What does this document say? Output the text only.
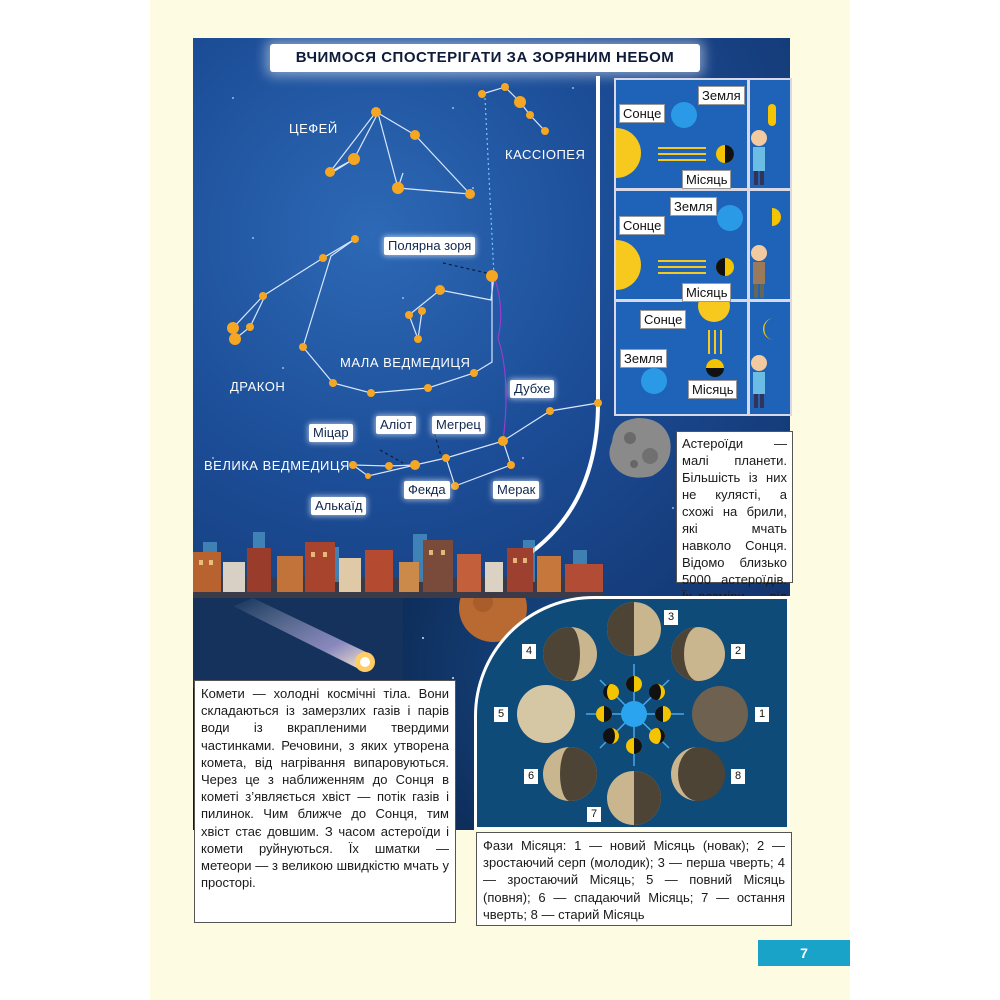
ВЧИМОСЯ СПОСТЕРІГАТИ ЗА ЗОРЯНИМ НЕБОМ
ЦЕФЕЙ
КАССІОПЕЯ
ДРАКОН
МАЛА ВЕДМЕДИЦЯ
ВЕЛИКА ВЕДМЕДИЦЯ
Полярна зоря
Дубхе
Аліот	Мегрец
Міцар
Фекда	Мерак
Алькаїд
Сонце
Земля
Місяць
Сонце
Земля
Місяць
Сонце
Земля
Місяць
Астероїди — малі планети. Більшість із них не кулясті, а схожі на брили, які мчать навколо Сонця. Відомо близько 5000 астероїдів.
Комети — холодні космічні тіла. Вони складаються із замерзлих газів і парів води із вкрапленими твердими частинками. Речовини, з яких утворена комета, від нагрівання випаровуються. Через це з наближенням до Сонця в кометі з’являється хвіст — потік газів і пилинок. Чим ближче до Сонця, тим хвіст стає довшим. З часом астероїди і комети руйнуються. Їх шматки — метеори — з великою швидкістю мчать у просторі.
1
2
3
4
5
6
7
8
Фази Місяця: 1 — новий Місяць (новак); 2 — зростаючий серп (молодик); 3 — перша чверть; 4 — зростаючий Місяць; 5 — повний Місяць (повня); 6 — спадаючий Місяць; 7 — остання чверть; 8 — старий Місяць
7
